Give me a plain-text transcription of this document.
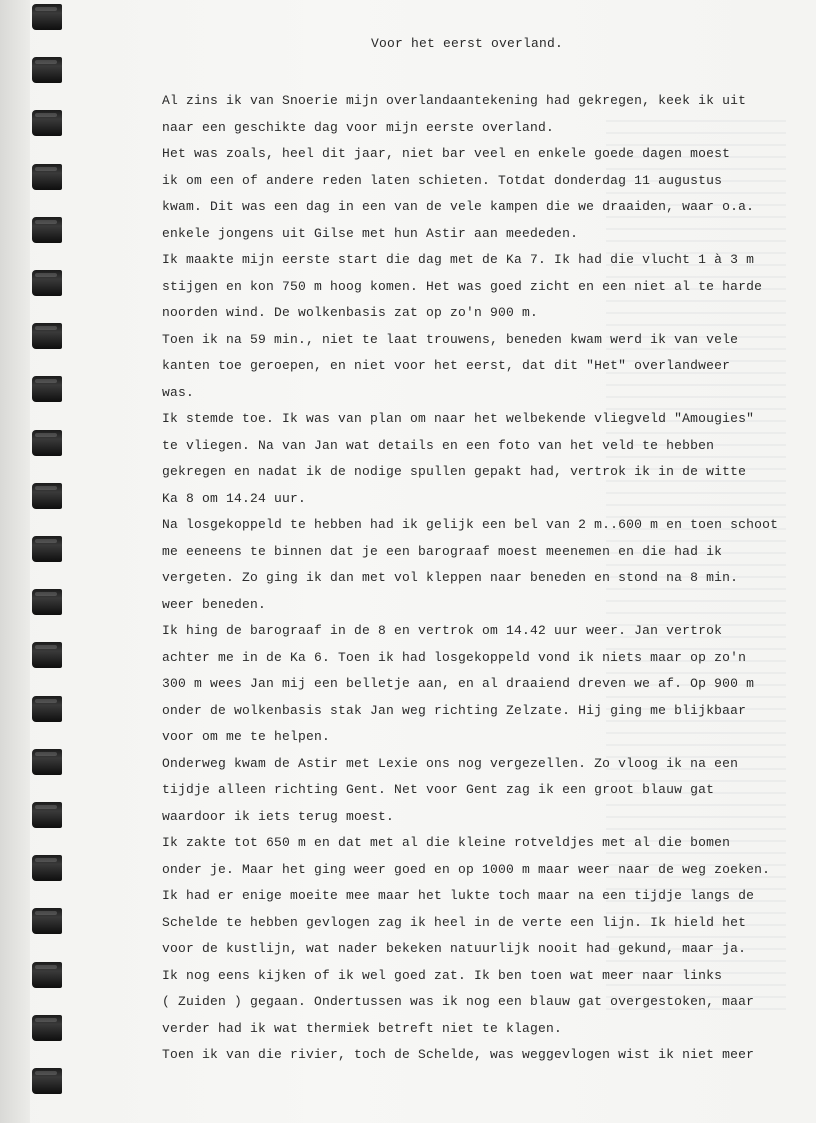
Voor het eerst overland.
Al zins ik van Snoerie mijn overlandaantekening had gekregen, keek ik uit
naar een geschikte dag voor mijn eerste overland.
Het was zoals, heel dit jaar, niet bar veel en enkele goede dagen moest
ik om een of andere reden laten schieten. Totdat donderdag 11 augustus
kwam. Dit was een dag in een van de vele kampen die we draaiden, waar o.a.
enkele jongens uit Gilse met hun Astir aan meededen.
Ik maakte mijn eerste start die dag met de Ka 7. Ik had die vlucht 1 à 3 m
stijgen en kon 750 m hoog komen. Het was goed zicht en een niet al te harde
noorden wind. De wolkenbasis zat op zo'n 900 m.
Toen ik na 59 min., niet te laat trouwens, beneden kwam werd ik van vele
kanten toe geroepen, en niet voor het eerst, dat dit "Het" overlandweer
was.
Ik stemde toe. Ik was van plan om naar het welbekende vliegveld "Amougies"
te vliegen. Na van Jan wat details en een foto van het veld te hebben
gekregen en nadat ik de nodige spullen gepakt had, vertrok ik in de witte
Ka 8 om 14.24 uur.
Na losgekoppeld te hebben had ik gelijk een bel van 2 m..600 m en toen schoot
me eeneens te binnen dat je een barograaf moest meenemen en die had ik
vergeten. Zo ging ik dan met vol kleppen naar beneden en stond na 8 min.
weer beneden.
Ik hing de barograaf in de 8 en vertrok om 14.42 uur weer. Jan vertrok
achter me in de Ka 6. Toen ik had losgekoppeld vond ik niets maar op zo'n
300 m wees Jan mij een belletje aan, en al draaiend dreven we af. Op 900 m
onder de wolkenbasis stak Jan weg richting Zelzate. Hij ging me blijkbaar
voor om me te helpen.
Onderweg kwam de Astir met Lexie ons nog vergezellen. Zo vloog ik na een
tijdje alleen richting Gent. Net voor Gent zag ik een groot blauw gat
waardoor ik iets terug moest.
Ik zakte tot 650 m en dat met al die kleine rotveldjes met al die bomen
onder je. Maar het ging weer goed en op 1000 m maar weer naar de weg zoeken.
Ik had er enige moeite mee maar het lukte toch maar na een tijdje langs de
Schelde te hebben gevlogen zag ik heel in de verte een lijn. Ik hield het
voor de kustlijn, wat nader bekeken natuurlijk nooit had gekund, maar ja.
Ik nog eens kijken of ik wel goed zat. Ik ben toen wat meer naar links
( Zuiden ) gegaan. Ondertussen was ik nog een blauw gat overgestoken, maar
verder had ik wat thermiek betreft niet te klagen.
Toen ik van die rivier, toch de Schelde, was weggevlogen wist ik niet meer
